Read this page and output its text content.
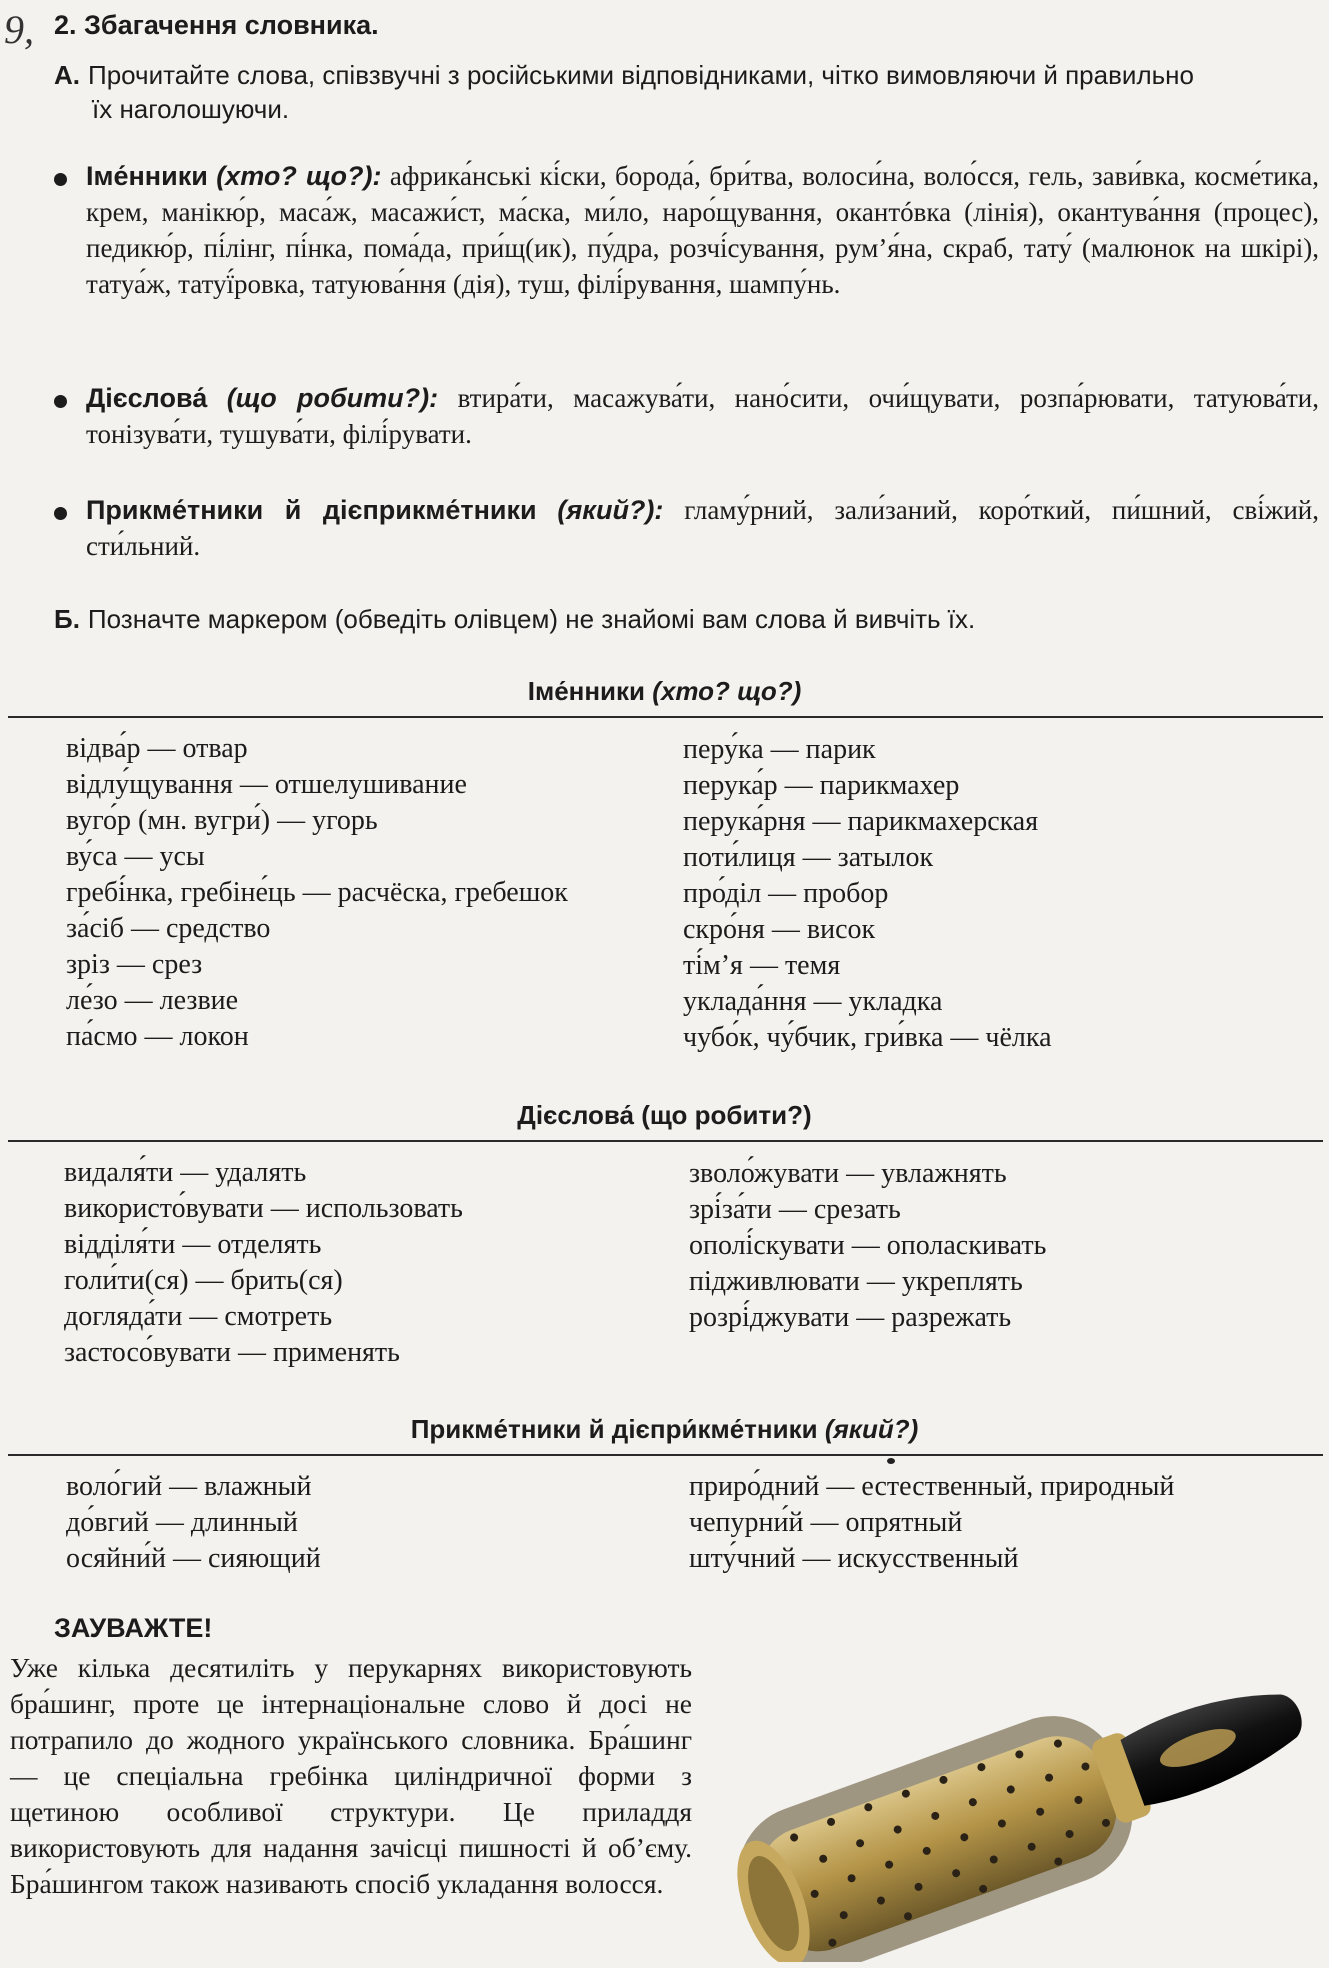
9, 2. Збагачення словника.
А. Прочитайте слова, співзвучні з російськими відповідниками, чітко вимовляючи й правильно
їх наголошуючи.
Іме́нники (хто? що?): африка́нські кі́ски, борода́, бри́тва, волоси́на, воло́сся, гель, зави́вка, косме́тика, крем, манікю́р, маса́ж, масажи́ст, ма́ска, ми́ло, наро́щування, окантóвка (лінія), окантува́ння (процес), педикю́р, пі́лінг, пі́нка, пома́да, при́щ(ик), пу́дра, розчі́сування, рум’я́на, скраб, тату́ (малюнок на шкірі), татуа́ж, татуї́ровка, татуюва́ння (дія), туш, філі́рування, шампу́нь.
Дієслова́ (що робити?): втира́ти, масажува́ти, нано́сити, очи́щувати, розпа́рювати, татуюва́ти, тонізува́ти, тушува́ти, філі́рувати.
Прикме́тники й дієприкме́тники (який?): гламу́рний, зали́заний, коро́ткий, пи́шний, сві́жий, сти́льний.
Б. Позначте маркером (обведіть олівцем) не знайомі вам слова й вивчіть їх.
Іме́нники (хто? що?)
відва́р — отвар
відлу́щування — отшелушивание
вуго́р (мн. вугри́) — угорь
ву́са — усы
гребі́нка, гребіне́ць — расчёска, гребешок
за́сіб — средство
зріз — срез
ле́зо — лезвие
па́смо — локон
перу́ка — парик
перука́р — парикмахер
перука́рня — парикмахерская
поти́лиця — затылок
про́діл — пробор
скро́ня — висок
ті́м’я — темя
уклада́ння — укладка
чубо́к, чу́бчик, гри́вка — чёлка
Дієслова́ (що робити?)
видаля́ти — удалять
використо́вувати — использовать
відділя́ти — отделять
голи́ти(ся) — брить(ся)
догляда́ти — смотреть
застосо́вувати — применять
зволо́жувати — увлажнять
зрі́за́ти — срезать
ополі́скувати — ополаскивать
підживлювати — укреплять
розрі́джувати — разрежать
Прикме́тники й дієпри́кме́тники (який?)
воло́гий — влажный
до́вгий — длинный
осяйни́й — сияющий
приро́дний — естественный, природный
чепурни́й — опрятный
шту́чний — искусственный
ЗАУВАЖТЕ!
Уже кілька десятиліть у перукарнях використовують бра́шинг, проте це інтернаціональне слово й досі не потрапило до жодного українського словника. Бра́шинг — це спеціальна гребінка циліндричної форми з щетиною особливої структури. Це приладдя використовують для надання зачісці пишності й об’єму. Бра́шингом також називають спосіб укладання волосся.
